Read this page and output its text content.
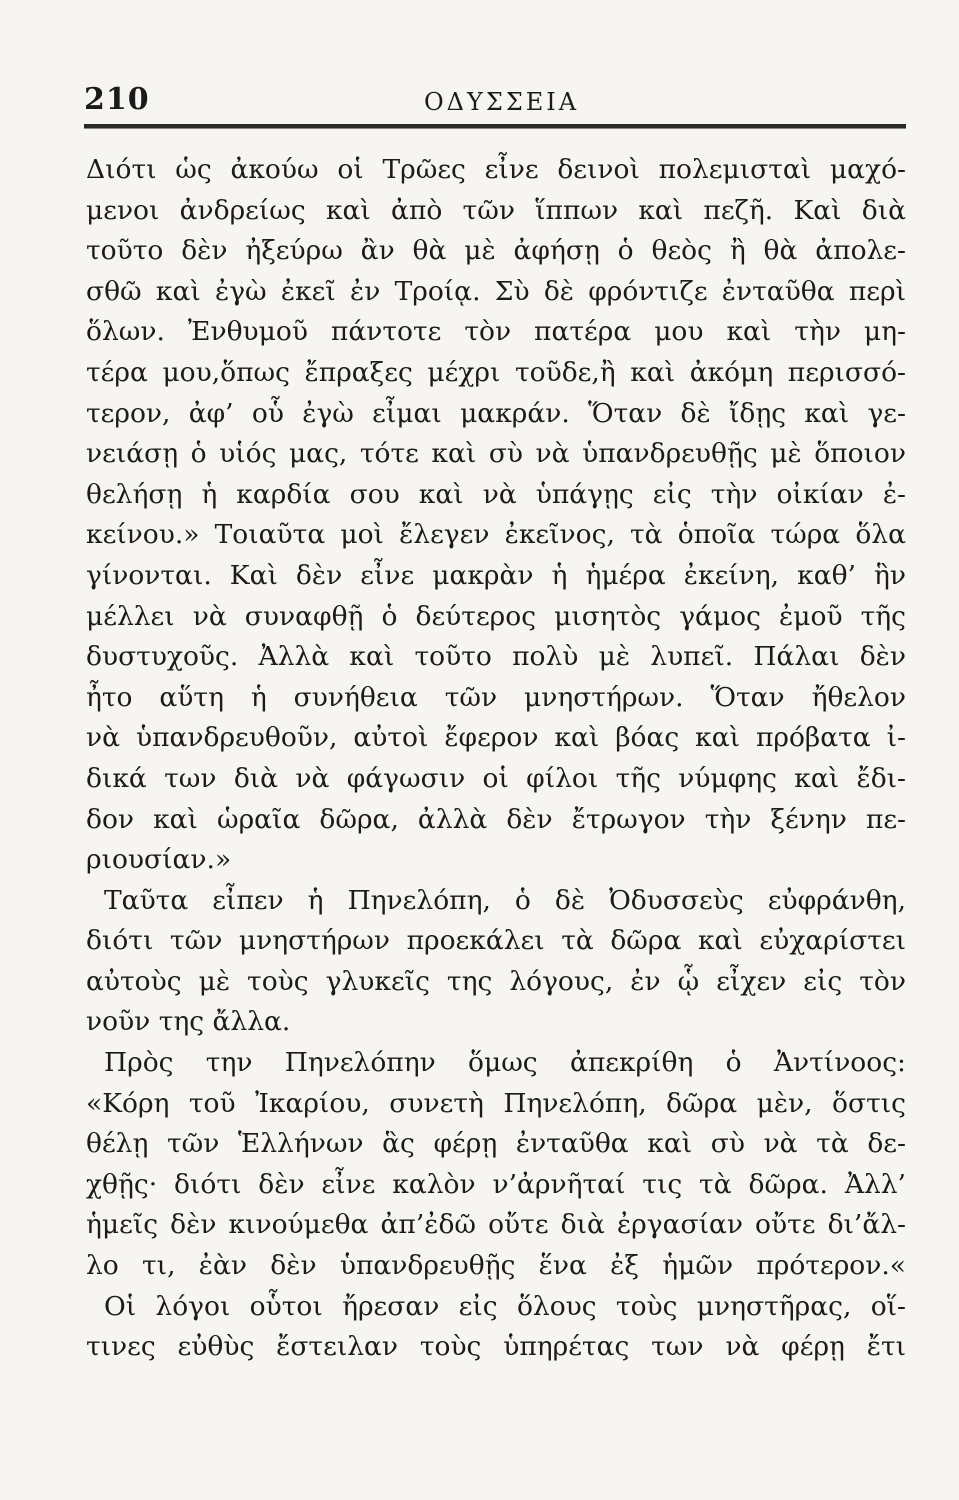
210	ΟΔΥΣΣΕΙΑ
Διότι ὡς ἀκούω οἱ Τρῶες εἶνε δεινοὶ πολεμισταὶ μαχό-
μενοι ἀνδρείως καὶ ἀπὸ τῶν ἵππων καὶ πεζῆ. Καὶ διὰ
τοῦτο δὲν ἠξεύρω ἂν θὰ μὲ ἀφήσῃ ὁ θεὸς ἢ θὰ ἀπολε-
σθῶ καὶ ἐγὼ ἐκεῖ ἐν Τροίᾳ. Σὺ δὲ φρόντιζε ἐνταῦθα περὶ
ὅλων. Ἐνθυμοῦ πάντοτε τὸν πατέρα μου καὶ τὴν μη-
τέρα μου,ὅπως ἔπραξες μέχρι τοῦδε,ἢ καὶ ἀκόμη περισσό-
τερον, ἀφ’ οὗ ἐγὼ εἶμαι μακράν. Ὅταν δὲ ἴδῃς καὶ γε-
νειάσῃ ὁ υἱός μας, τότε καὶ σὺ νὰ ὑπανδρευθῇς μὲ ὅποιον
θελήσῃ ἡ καρδία σου καὶ νὰ ὑπάγῃς εἰς τὴν οἰκίαν ἐ-
κείνου.» Τοιαῦτα μοὶ ἔλεγεν ἐκεῖνος, τὰ ὁποῖα τώρα ὅλα
γίνονται. Καὶ δὲν εἶνε μακρὰν ἡ ἡμέρα ἐκείνη, καθ’ ἣν
μέλλει νὰ συναφθῇ ὁ δεύτερος μισητὸς γάμος ἐμοῦ τῆς
δυστυχοῦς. Ἀλλὰ καὶ τοῦτο πολὺ μὲ λυπεῖ. Πάλαι δὲν
ἦτο αὕτη ἡ συνήθεια τῶν μνηστήρων. Ὅταν ἤθελον
νὰ ὑπανδρευθοῦν, αὐτοὶ ἔφερον καὶ βόας καὶ πρόβατα ἰ-
δικά των διὰ νὰ φάγωσιν οἱ φίλοι τῆς νύμφης καὶ ἔδι-
δον καὶ ὡραῖα δῶρα, ἀλλὰ δὲν ἔτρωγον τὴν ξένην πε-
ριουσίαν.»
Ταῦτα εἶπεν ἡ Πηνελόπη, ὁ δὲ Ὀδυσσεὺς εὐφράνθη,
διότι τῶν μνηστήρων προεκάλει τὰ δῶρα καὶ εὐχαρίστει
αὐτοὺς μὲ τοὺς γλυκεῖς της λόγους, ἐν ᾧ εἶχεν εἰς τὸν
νοῦν της ἄλλα.
Πρὸς την Πηνελόπην ὅμως ἀπεκρίθη ὁ Ἀντίνοος:
«Κόρη τοῦ Ἰκαρίου, συνετὴ Πηνελόπη, δῶρα μὲν, ὅστις
θέλῃ τῶν Ἑλλήνων ἃς φέρῃ ἐνταῦθα καὶ σὺ νὰ τὰ δε-
χθῇς· διότι δὲν εἶνε καλὸν ν’ἀρνῆταί τις τὰ δῶρα. Ἀλλ’
ἡμεῖς δὲν κινούμεθα ἀπ’ἐδῶ οὔτε διὰ ἐργασίαν οὔτε δι’ἄλ-
λο τι, ἐὰν δὲν ὑπανδρευθῇς ἕνα ἐξ ἡμῶν πρότερον.«
Οἱ λόγοι οὗτοι ἤρεσαν εἰς ὅλους τοὺς μνηστῆρας, οἵ-
τινες εὐθὺς ἔστειλαν τοὺς ὑπηρέτας των νὰ φέρῃ ἔτι
